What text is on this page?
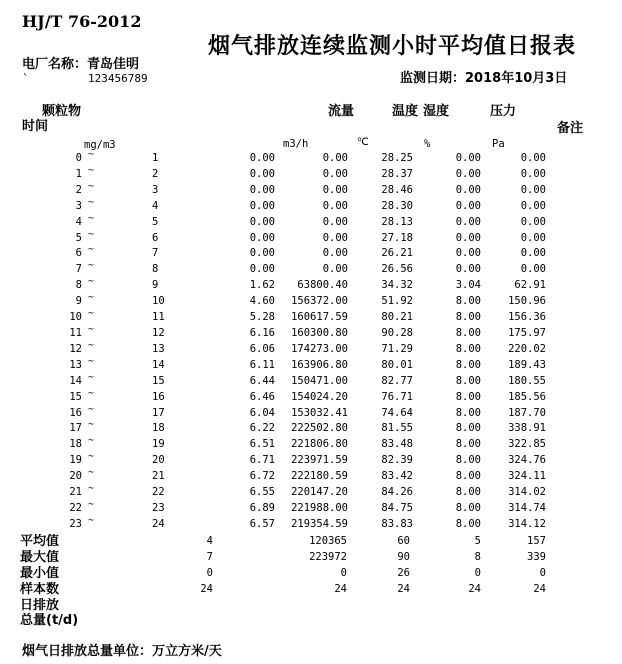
HJ/T 76-2012
烟气排放连续监测小时平均值日报表
电厂名称：青岛佳明
`	123456789	监测日期：2018年10月3日
颗粒物
时间
流量	温度 湿度	压力
备注
mg/m3	m3/h	℃	%	Pa
0	~	1	0.00	0.00	28.25	0.00	0.00	
1	~	2	0.00	0.00	28.37	0.00	0.00	
2	~	3	0.00	0.00	28.46	0.00	0.00	
3	~	4	0.00	0.00	28.30	0.00	0.00	
4	~	5	0.00	0.00	28.13	0.00	0.00	
5	~	6	0.00	0.00	27.18	0.00	0.00	
6	~	7	0.00	0.00	26.21	0.00	0.00	
7	~	8	0.00	0.00	26.56	0.00	0.00	
8	~	9	1.62	63800.40	34.32	3.04	62.91	
9	~	10	4.60	156372.00	51.92	8.00	150.96	
10	~	11	5.28	160617.59	80.21	8.00	156.36	
11	~	12	6.16	160300.80	90.28	8.00	175.97	
12	~	13	6.06	174273.00	71.29	8.00	220.02	
13	~	14	6.11	163906.80	80.01	8.00	189.43	
14	~	15	6.44	150471.00	82.77	8.00	180.55	
15	~	16	6.46	154024.20	76.71	8.00	185.56	
16	~	17	6.04	153032.41	74.64	8.00	187.70	
17	~	18	6.22	222502.80	81.55	8.00	338.91	
18	~	19	6.51	221806.80	83.48	8.00	322.85	
19	~	20	6.71	223971.59	82.39	8.00	324.76	
20	~	21	6.72	222180.59	83.42	8.00	324.11	
21	~	22	6.55	220147.20	84.26	8.00	314.02	
22	~	23	6.89	221988.00	84.75	8.00	314.74	
23	~	24	6.57	219354.59	83.83	8.00	314.12	
平均值	4	120365	60	5	157	
最大值	7	223972	90	8	339	
最小值	0	0	26	0	0	
样本数	24	24	24	24	24	
日排放						
总量(t/d)						
烟气日排放总量单位：万立方米/天
